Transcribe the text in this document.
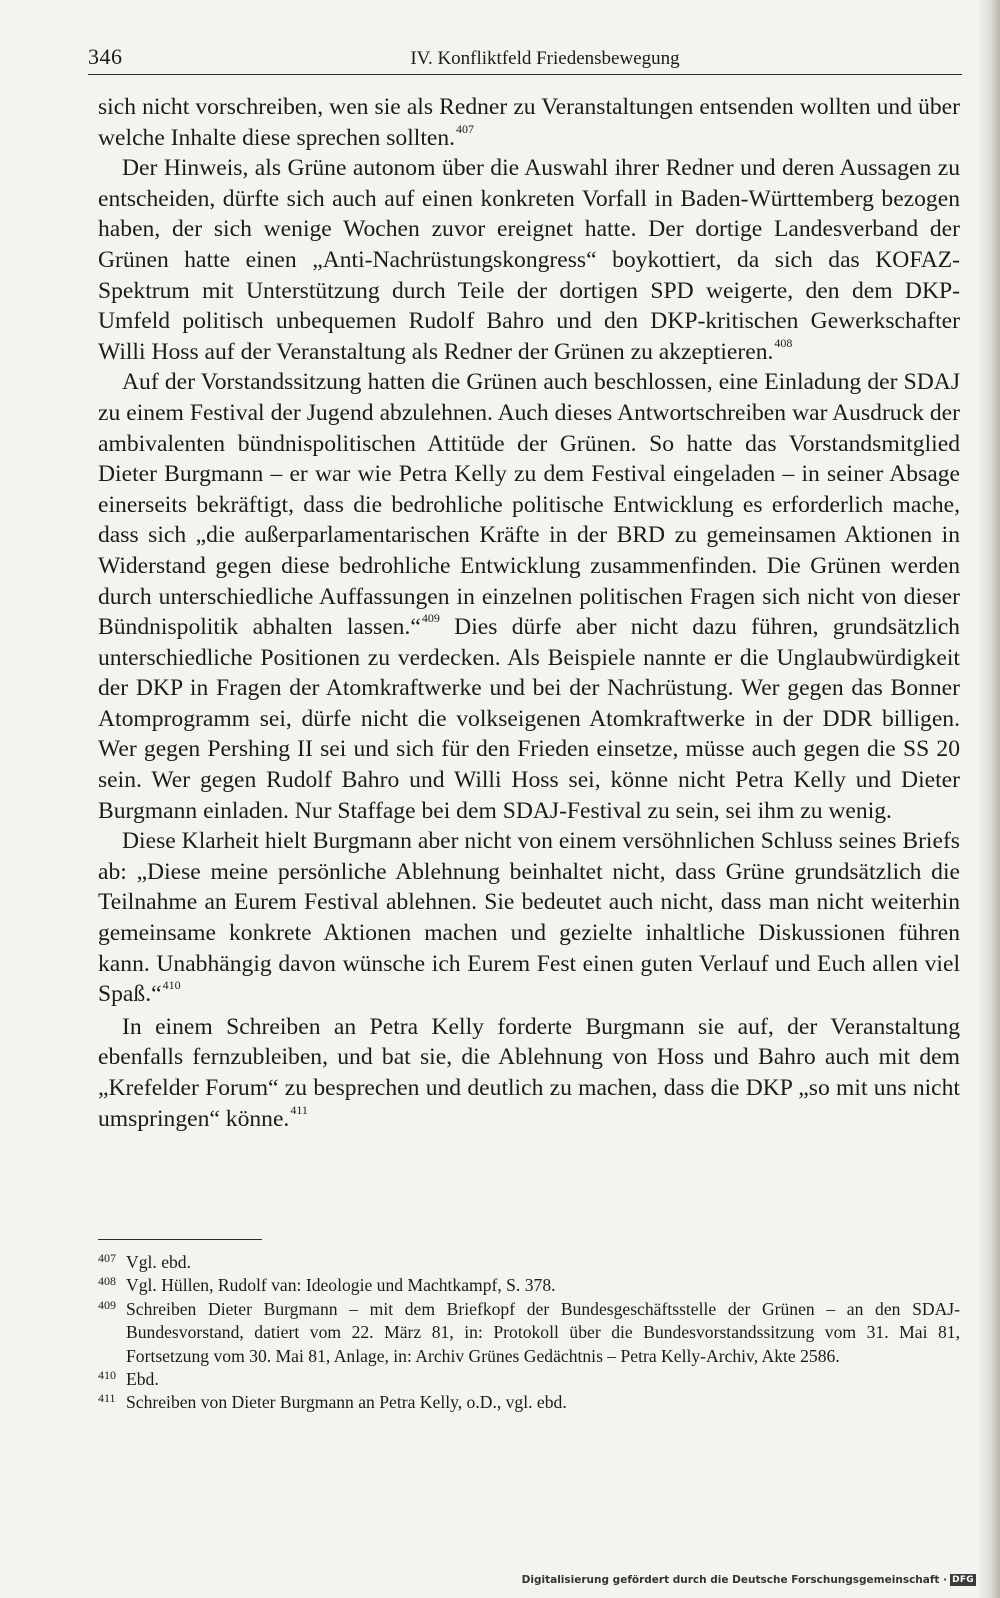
346	IV. Konfliktfeld Friedensbewegung

sich nicht vorschreiben, wen sie als Redner zu Veranstaltungen entsenden wollten und über welche Inhalte diese sprechen sollten.$^{407}$

Der Hinweis, als Grüne autonom über die Auswahl ihrer Redner und deren Aussagen zu entscheiden, dürfte sich auch auf einen konkreten Vorfall in Baden-Württemberg bezogen haben, der sich wenige Wochen zuvor ereignet hatte. Der dortige Landesverband der Grünen hatte einen „Anti-Nachrüstungskongress“ boykottiert, da sich das KOFAZ-Spektrum mit Unterstützung durch Teile der dortigen SPD weigerte, den dem DKP-Umfeld politisch unbequemen Rudolf Bahro und den DKP-kritischen Gewerkschafter Willi Hoss auf der Veranstaltung als Redner der Grünen zu akzeptieren.$^{408}$

Auf der Vorstandssitzung hatten die Grünen auch beschlossen, eine Einladung der SDAJ zu einem Festival der Jugend abzulehnen. Auch dieses Antwortschreiben war Ausdruck der ambivalenten bündnispolitischen Attitüde der Grünen. So hatte das Vorstandsmitglied Dieter Burgmann – er war wie Petra Kelly zu dem Festival eingeladen – in seiner Absage einerseits bekräftigt, dass die bedrohliche politische Entwicklung es erforderlich mache, dass sich „die außerparlamentarischen Kräfte in der BRD zu gemeinsamen Aktionen in Widerstand gegen diese bedrohliche Entwicklung zusammenfinden. Die Grünen werden durch unterschiedliche Auffassungen in einzelnen politischen Fragen sich nicht von dieser Bündnispolitik abhalten lassen.“$^{409}$ Dies dürfe aber nicht dazu führen, grundsätzlich unterschiedliche Positionen zu verdecken. Als Beispiele nannte er die Unglaubwürdigkeit der DKP in Fragen der Atomkraftwerke und bei der Nachrüstung. Wer gegen das Bonner Atomprogramm sei, dürfe nicht die volkseigenen Atomkraftwerke in der DDR billigen. Wer gegen Pershing II sei und sich für den Frieden einsetze, müsse auch gegen die SS 20 sein. Wer gegen Rudolf Bahro und Willi Hoss sei, könne nicht Petra Kelly und Dieter Burgmann einladen. Nur Staffage bei dem SDAJ-Festival zu sein, sei ihm zu wenig.

Diese Klarheit hielt Burgmann aber nicht von einem versöhnlichen Schluss seines Briefs ab: „Diese meine persönliche Ablehnung beinhaltet nicht, dass Grüne grundsätzlich die Teilnahme an Eurem Festival ablehnen. Sie bedeutet auch nicht, dass man nicht weiterhin gemeinsame konkrete Aktionen machen und gezielte inhaltliche Diskussionen führen kann. Unabhängig davon wünsche ich Eurem Fest einen guten Verlauf und Euch allen viel Spaß.“$^{410}$

In einem Schreiben an Petra Kelly forderte Burgmann sie auf, der Veranstaltung ebenfalls fernzubleiben, und bat sie, die Ablehnung von Hoss und Bahro auch mit dem „Krefelder Forum“ zu besprechen und deutlich zu machen, dass die DKP „so mit uns nicht umspringen“ könne.$^{411}$

407 Vgl. ebd.
408 Vgl. Hüllen, Rudolf van: Ideologie und Machtkampf, S. 378.
409 Schreiben Dieter Burgmann – mit dem Briefkopf der Bundesgeschäftsstelle der Grünen – an den SDAJ-Bundesvorstand, datiert vom 22. März 81, in: Protokoll über die Bundesvorstandssitzung vom 31. Mai 81, Fortsetzung vom 30. Mai 81, Anlage, in: Archiv Grünes Gedächtnis – Petra Kelly-Archiv, Akte 2586.
410 Ebd.
411 Schreiben von Dieter Burgmann an Petra Kelly, o.D., vgl. ebd.
Digitalisierung gefördert durch die Deutsche Forschungsgemeinschaft · DFG
